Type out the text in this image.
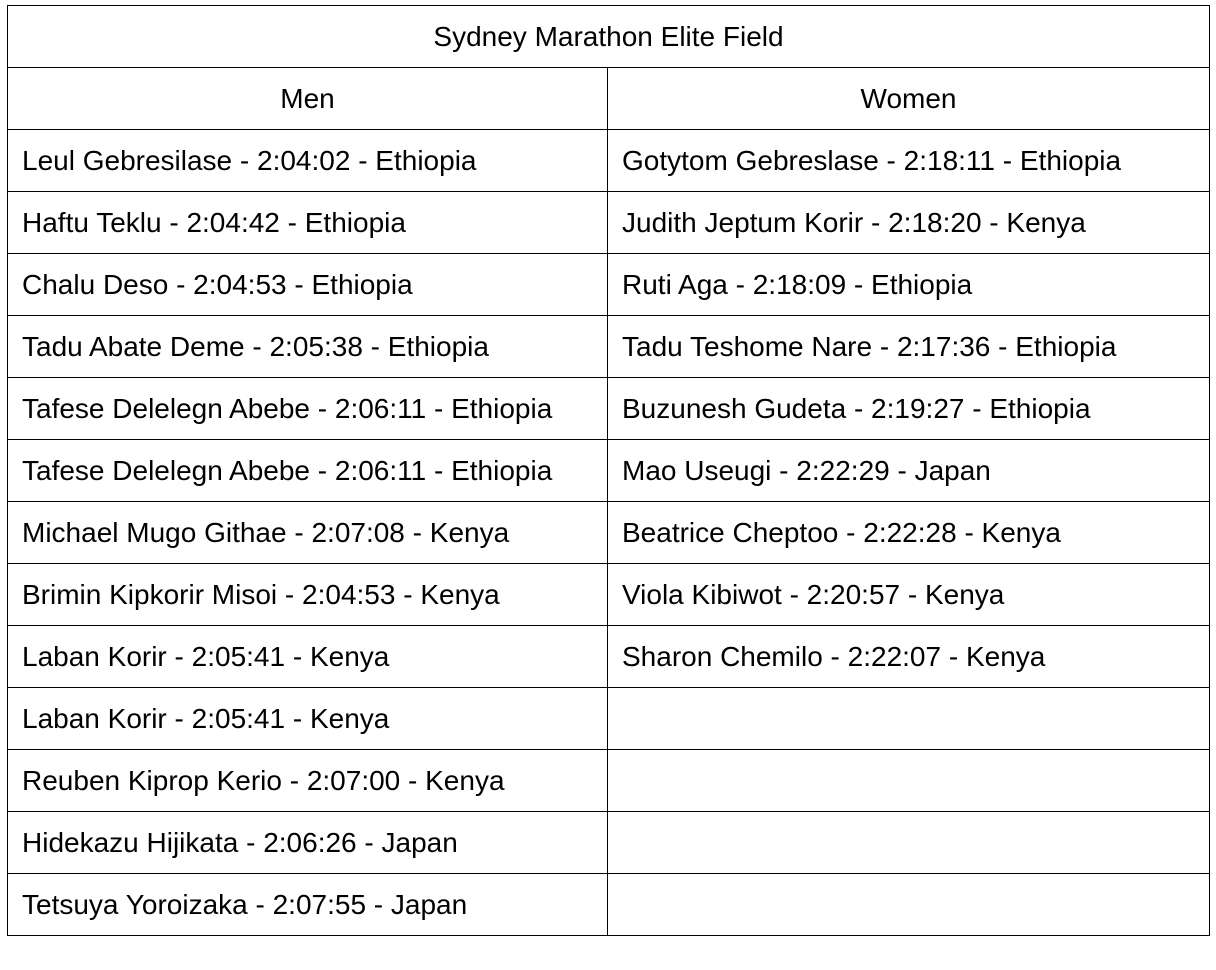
Sydney Marathon Elite Field	
Men	Women
Leul Gebresilase - 2:04:02 - Ethiopia	Gotytom Gebreslase - 2:18:11 - Ethiopia
Haftu Teklu - 2:04:42 - Ethiopia	Judith Jeptum Korir - 2:18:20 - Kenya
Chalu Deso - 2:04:53 - Ethiopia	Ruti Aga - 2:18:09 - Ethiopia
Tadu Abate Deme - 2:05:38 - Ethiopia	Tadu Teshome Nare - 2:17:36 - Ethiopia
Tafese Delelegn Abebe - 2:06:11 - Ethiopia	Buzunesh Gudeta - 2:19:27 - Ethiopia
Tafese Delelegn Abebe - 2:06:11 - Ethiopia	Mao Useugi - 2:22:29 - Japan
Michael Mugo Githae - 2:07:08 - Kenya	Beatrice Cheptoo - 2:22:28 - Kenya
Brimin Kipkorir Misoi - 2:04:53 - Kenya	Viola Kibiwot - 2:20:57 - Kenya
Laban Korir - 2:05:41 - Kenya	Sharon Chemilo - 2:22:07 - Kenya
Laban Korir - 2:05:41 - Kenya	
Reuben Kiprop Kerio - 2:07:00 - Kenya	
Hidekazu Hijikata - 2:06:26 - Japan	
Tetsuya Yoroizaka - 2:07:55 - Japan	
